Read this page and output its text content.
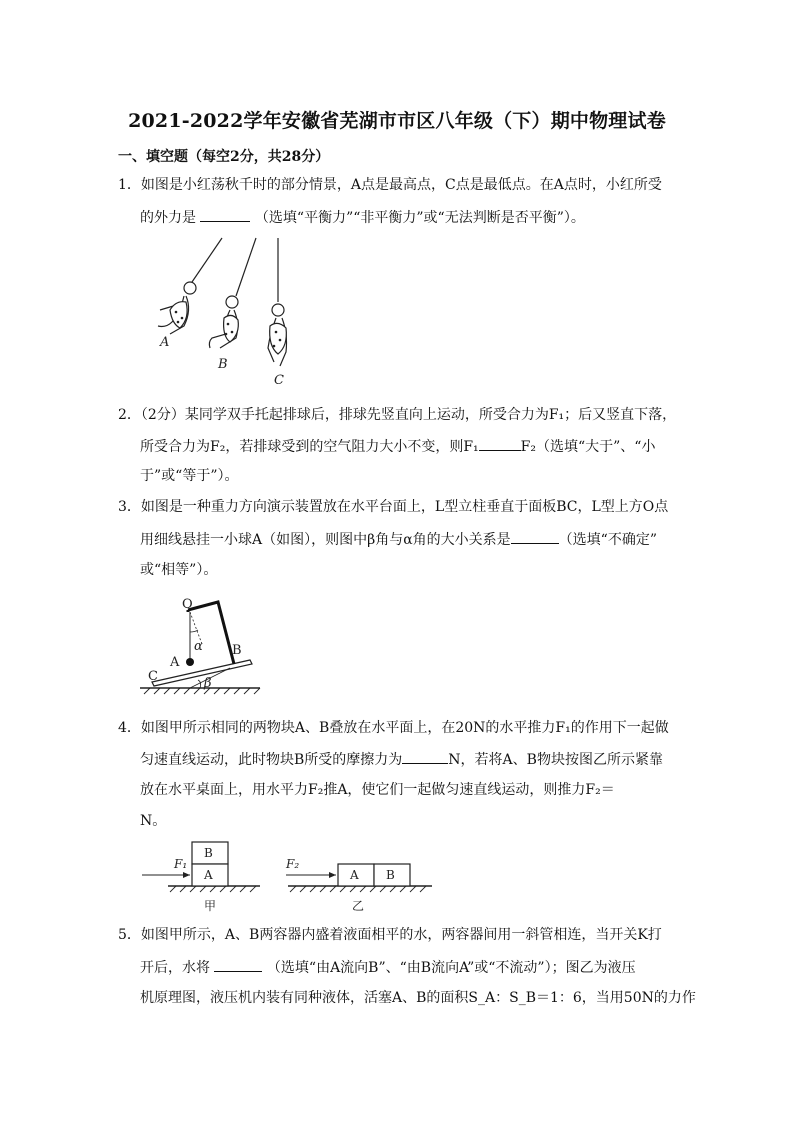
2021-2022学年安徽省芜湖市市区八年级（下）期中物理试卷
一、填空题（每空2分，共28分）
1．如图是小红荡秋千时的部分情景，A点是最高点，C点是最低点。在A点时，小红所受
的外力是	（选填“平衡力”“非平衡力”或“无法判断是否平衡”）。
A
B
C
2．（2分）某同学双手托起排球后，排球先竖直向上运动，所受合力为F₁；后又竖直下落，
所受合力为F₂，若排球受到的空气阻力大小不变，则F₁	F₂（选填“大于”、“小
于”或“等于”）。
3．如图是一种重力方向演示装置放在水平台面上，L型立柱垂直于面板BC，L型上方O点
用细线悬挂一小球A（如图），则图中β角与α角的大小关系是	（选填“不确定”
或“相等”）。
O
α
A
B
C	β
4．如图甲所示相同的两物块A、B叠放在水平面上，在20N的水平推力F₁的作用下一起做
匀速直线运动，此时物块B所受的摩擦力为	N，若将A、B物块按图乙所示紧靠
放在水平桌面上，用水平力F₂推A，使它们一起做匀速直线运动，则推力F₂＝
N。
B
A
F₁
甲
F₂
A B
乙
5．如图甲所示，A、B两容器内盛着液面相平的水，两容器间用一斜管相连，当开关K打
开后，水将	（选填“由A流向B”、“由B流向A”或“不流动”）；图乙为液压
机原理图，液压机内装有同种液体，活塞A、B的面积S_A：S_B＝1：6，当用50N的力作
